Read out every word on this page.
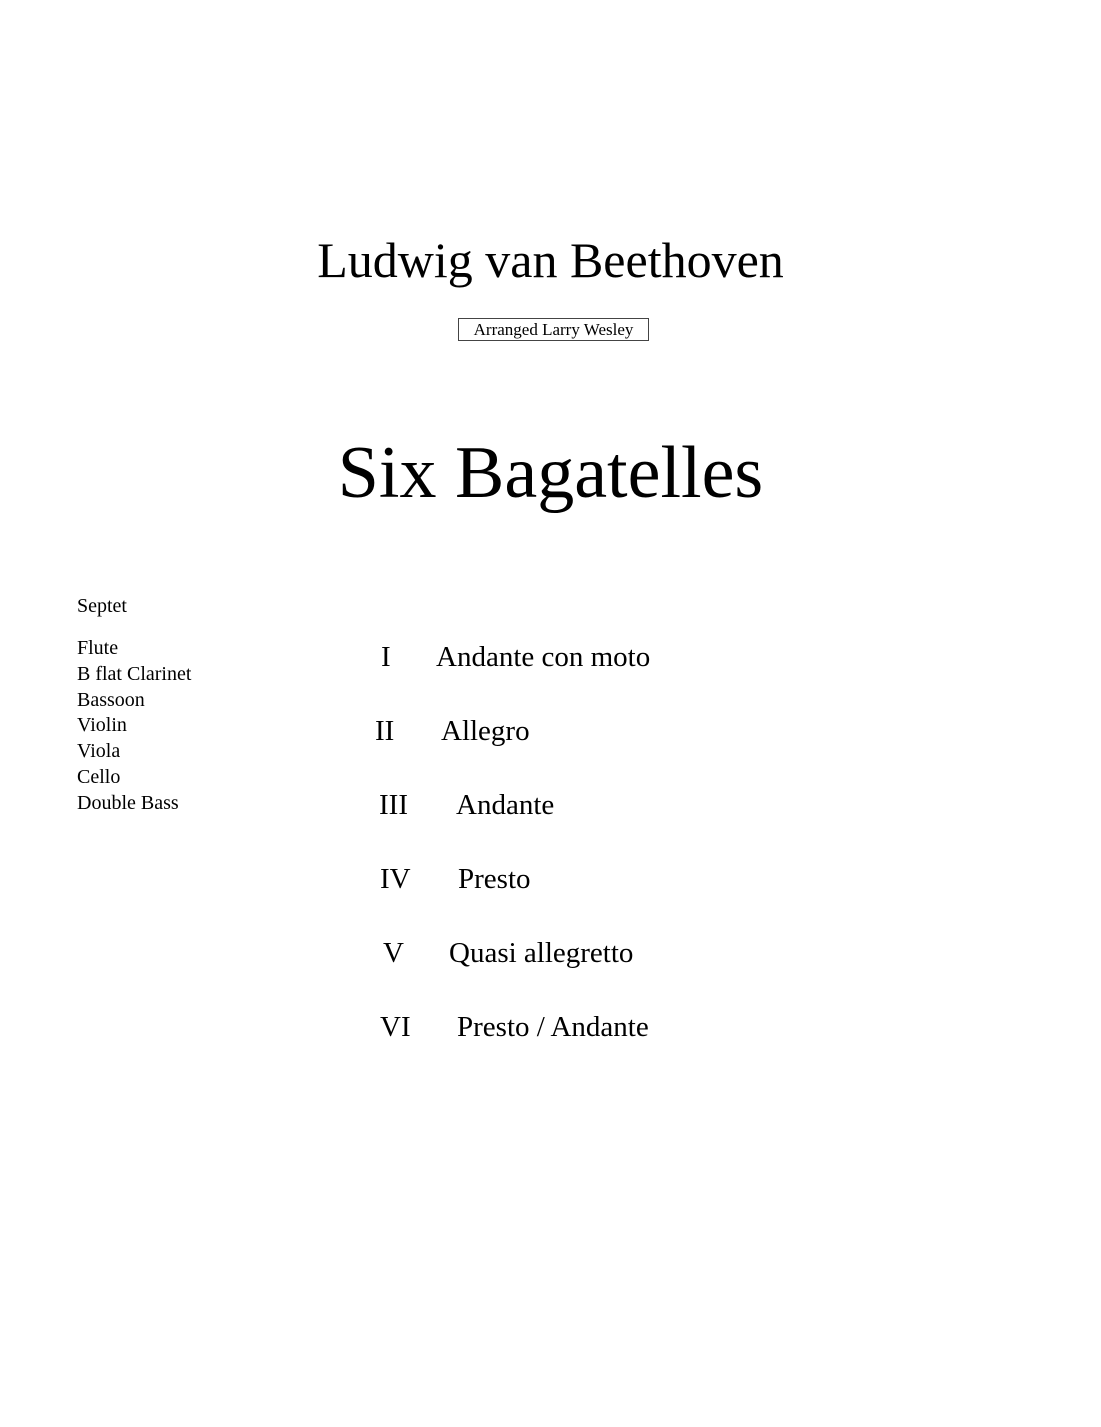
Ludwig van Beethoven
Arranged Larry Wesley
Six Bagatelles
Septet
Flute
B flat Clarinet
Bassoon
Violin
Viola
Cello
Double Bass
I Andante con moto
II Allegro
III Andante
IV Presto
V Quasi allegretto
VI Presto / Andante
